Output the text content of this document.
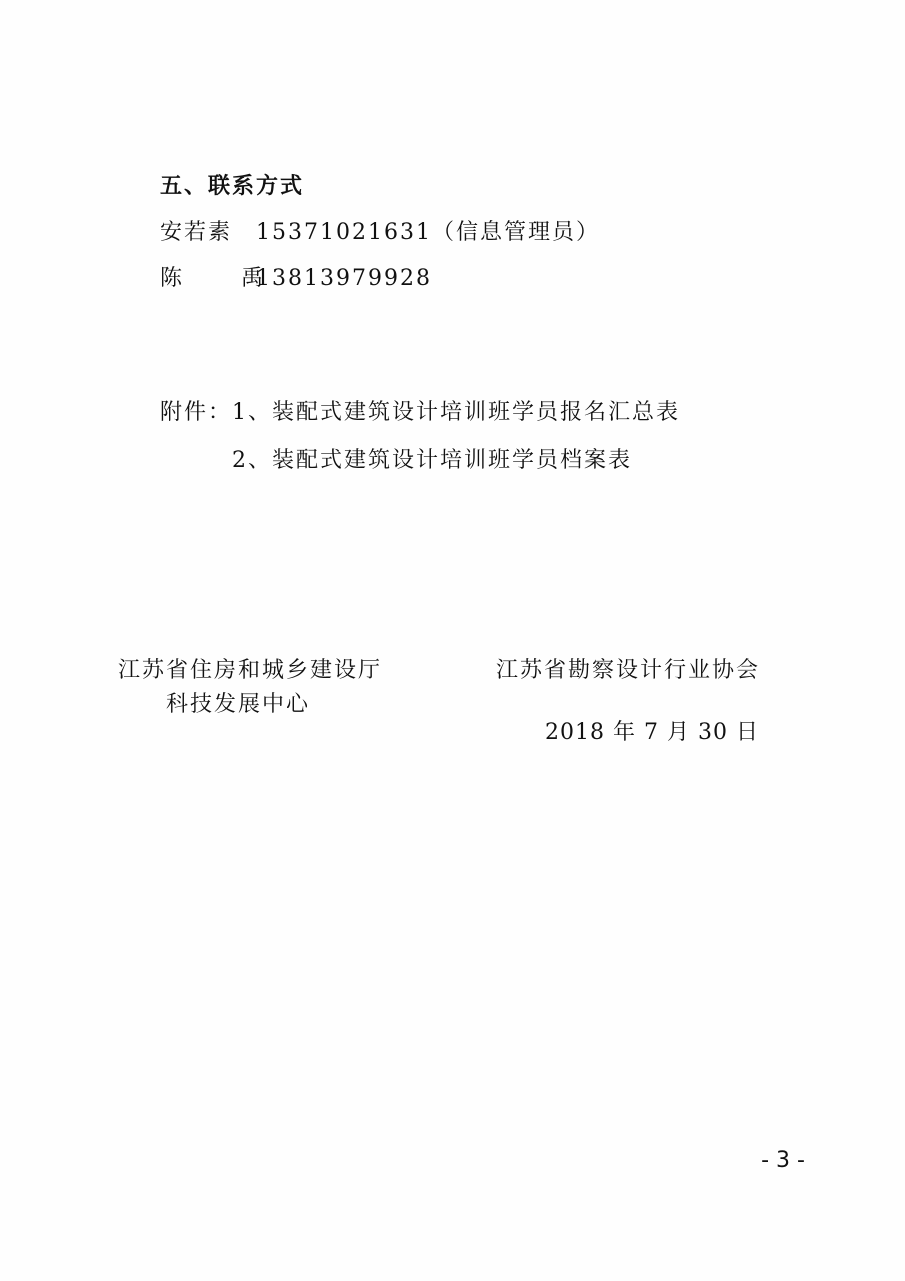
五、联系方式
安若素 15371021631（信息管理员）
陈 禹13813979928
附件：1、装配式建筑设计培训班学员报名汇总表
2、装配式建筑设计培训班学员档案表
江苏省住房和城乡建设厅
科技发展中心
江苏省勘察设计行业协会
2018 年 7 月 30 日
- 3 -
